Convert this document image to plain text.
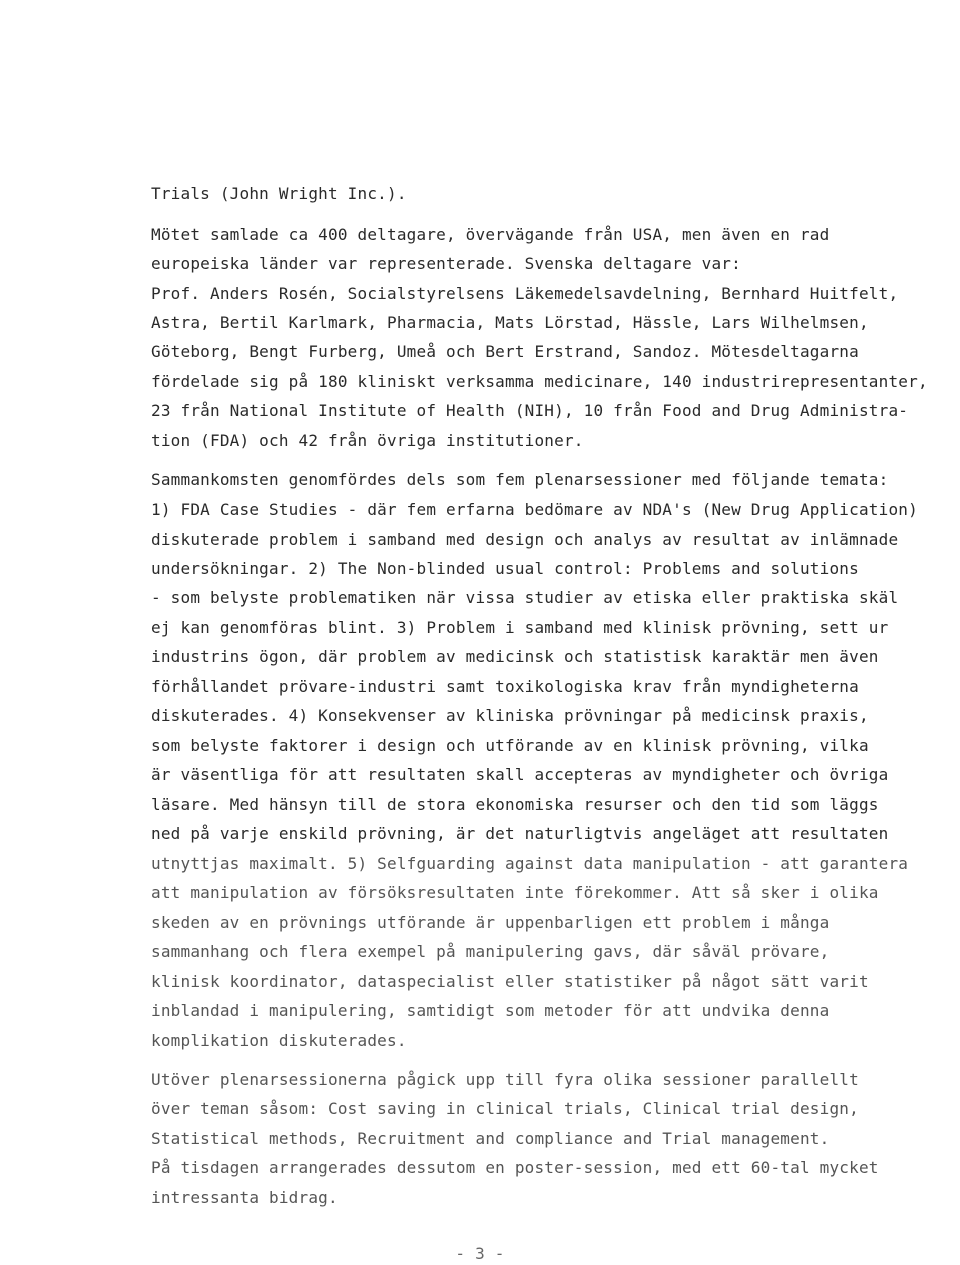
Trials (John Wright Inc.).
Mötet samlade ca 400 deltagare, övervägande från USA, men även en rad
europeiska länder var representerade. Svenska deltagare var:
Prof. Anders Rosén, Socialstyrelsens Läkemedelsavdelning, Bernhard Huitfelt,
Astra, Bertil Karlmark, Pharmacia, Mats Lörstad, Hässle, Lars Wilhelmsen,
Göteborg, Bengt Furberg, Umeå och Bert Erstrand, Sandoz. Mötesdeltagarna
fördelade sig på 180 kliniskt verksamma medicinare, 140 industrirepresentanter,
23 från National Institute of Health (NIH), 10 från Food and Drug Administra-
tion (FDA) och 42 från övriga institutioner.
Sammankomsten genomfördes dels som fem plenarsessioner med följande temata:
1) FDA Case Studies - där fem erfarna bedömare av NDA's (New Drug Application)
diskuterade problem i samband med design och analys av resultat av inlämnade
undersökningar. 2) The Non-blinded usual control: Problems and solutions
- som belyste problematiken när vissa studier av etiska eller praktiska skäl
ej kan genomföras blint. 3) Problem i samband med klinisk prövning, sett ur
industrins ögon, där problem av medicinsk och statistisk karaktär men även
förhållandet prövare-industri samt toxikologiska krav från myndigheterna
diskuterades. 4) Konsekvenser av kliniska prövningar på medicinsk praxis,
som belyste faktorer i design och utförande av en klinisk prövning, vilka
är väsentliga för att resultaten skall accepteras av myndigheter och övriga
läsare. Med hänsyn till de stora ekonomiska resurser och den tid som läggs
ned på varje enskild prövning, är det naturligtvis angeläget att resultaten
utnyttjas maximalt. 5) Selfguarding against data manipulation - att garantera
att manipulation av försöksresultaten inte förekommer. Att så sker i olika
skeden av en prövnings utförande är uppenbarligen ett problem i många
sammanhang och flera exempel på manipulering gavs, där såväl prövare,
klinisk koordinator, dataspecialist eller statistiker på något sätt varit
inblandad i manipulering, samtidigt som metoder för att undvika denna
komplikation diskuterades.
Utöver plenarsessionerna pågick upp till fyra olika sessioner parallellt
över teman såsom: Cost saving in clinical trials, Clinical trial design,
Statistical methods, Recruitment and compliance and Trial management.
På tisdagen arrangerades dessutom en poster-session, med ett 60-tal mycket
intressanta bidrag.
- 3 -
